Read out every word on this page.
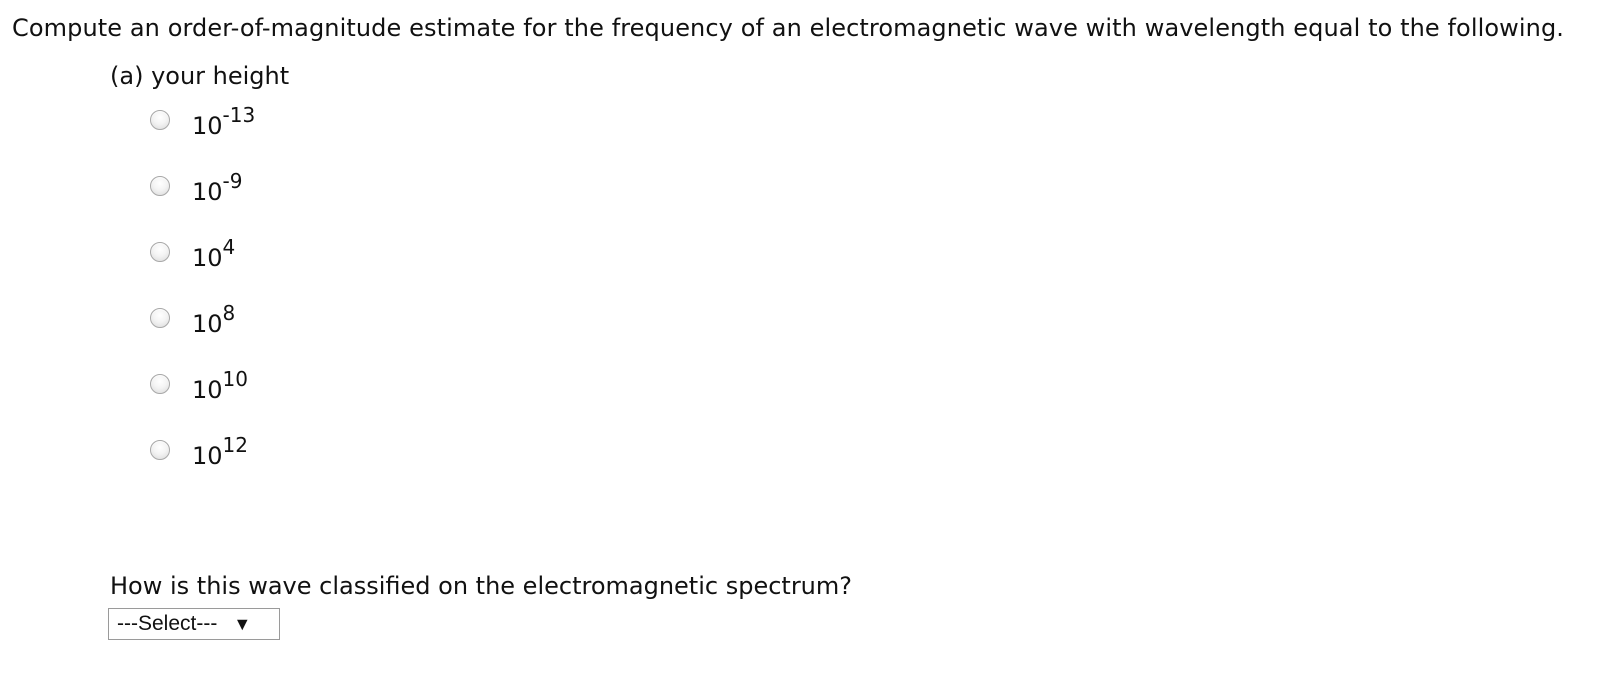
Compute an order-of-magnitude estimate for the frequency of an electromagnetic wave with wavelength equal to the following.
(a) your height
$10^{-13}$
$10^{-9}$
$10^4$
$10^8$
$10^{10}$
$10^{12}$
How is this wave classified on the electromagnetic spectrum?
---Select--- ▼
